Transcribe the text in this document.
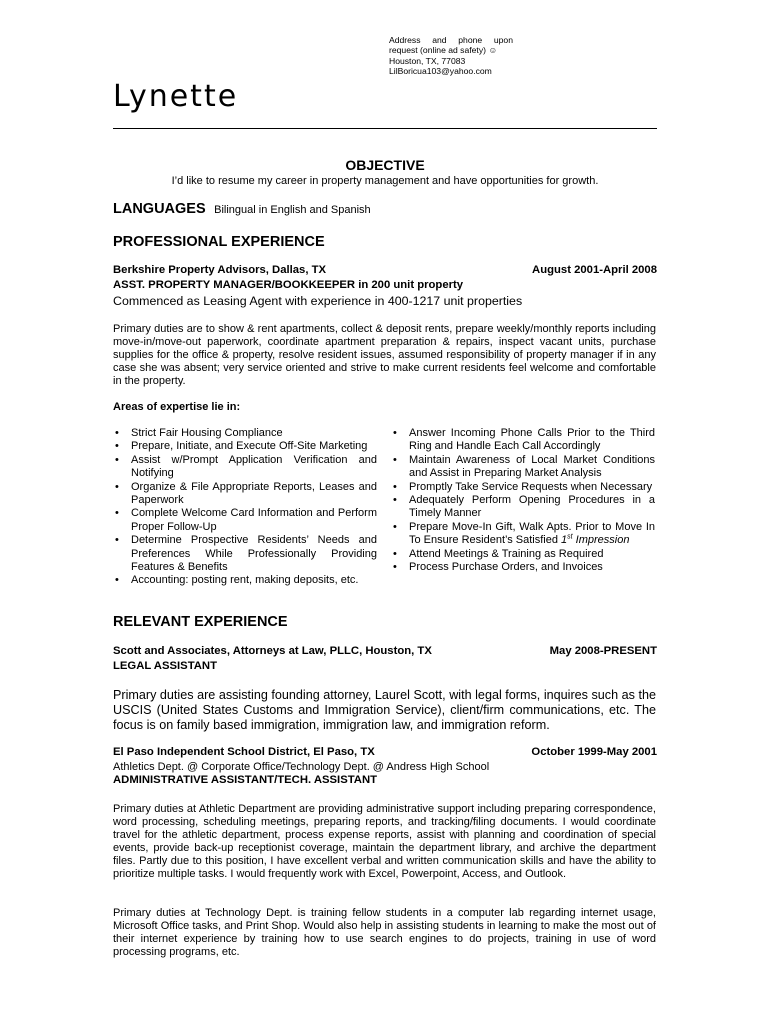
Address and phone upon
request (online ad safety) ☺
Houston, TX, 77083
LilBoricua103@yahoo.com
Lynette
OBJECTIVE
I’d like to resume my career in property management and have opportunities for growth.
LANGUAGES Bilingual in English and Spanish
PROFESSIONAL EXPERIENCE
Berkshire Property Advisors, Dallas, TX	August 2001-April 2008
ASST. PROPERTY MANAGER/BOOKKEEPER in 200 unit property
Commenced as Leasing Agent with experience in 400-1217 unit properties
Primary duties are to show & rent apartments, collect & deposit rents, prepare weekly/monthly reports including move-in/move-out paperwork, coordinate apartment preparation & repairs, inspect vacant units, purchase supplies for the office & property, resolve resident issues, assumed responsibility of property manager if in any case she was absent; very service oriented and strive to make current residents feel welcome and comfortable in the property.
Areas of expertise lie in:
• Strict Fair Housing Compliance
• Prepare, Initiate, and Execute Off-Site Marketing
• Assist w/Prompt Application Verification and Notifying
• Organize & File Appropriate Reports, Leases and Paperwork
• Complete Welcome Card Information and Perform Proper Follow-Up
• Determine Prospective Residents’ Needs and Preferences While Professionally Providing Features & Benefits
• Accounting: posting rent, making deposits, etc.
• Answer Incoming Phone Calls Prior to the Third Ring and Handle Each Call Accordingly
• Maintain Awareness of Local Market Conditions and Assist in Preparing Market Analysis
• Promptly Take Service Requests when Necessary
• Adequately Perform Opening Procedures in a Timely Manner
• Prepare Move-In Gift, Walk Apts. Prior to Move In To Ensure Resident’s Satisfied 1st Impression
• Attend Meetings & Training as Required
• Process Purchase Orders, and Invoices
RELEVANT EXPERIENCE
Scott and Associates, Attorneys at Law, PLLC, Houston, TX	May 2008-PRESENT
LEGAL ASSISTANT
Primary duties are assisting founding attorney, Laurel Scott, with legal forms, inquires such as the USCIS (United States Customs and Immigration Service), client/firm communications, etc. The focus is on family based immigration, immigration law, and immigration reform.
El Paso Independent School District, El Paso, TX	October 1999-May 2001
Athletics Dept. @ Corporate Office/Technology Dept. @ Andress High School
ADMINISTRATIVE ASSISTANT/TECH. ASSISTANT
Primary duties at Athletic Department are providing administrative support including preparing correspondence, word processing, scheduling meetings, preparing reports, and tracking/filing documents. I would coordinate travel for the athletic department, process expense reports, assist with planning and coordination of special events, provide back-up receptionist coverage, maintain the department library, and archive the department files. Partly due to this position, I have excellent verbal and written communication skills and have the ability to prioritize multiple tasks. I would frequently work with Excel, Powerpoint, Access, and Outlook.
Primary duties at Technology Dept. is training fellow students in a computer lab regarding internet usage, Microsoft Office tasks, and Print Shop. Would also help in assisting students in learning to make the most out of their internet experience by training how to use search engines to do projects, training in use of word processing programs, etc.
